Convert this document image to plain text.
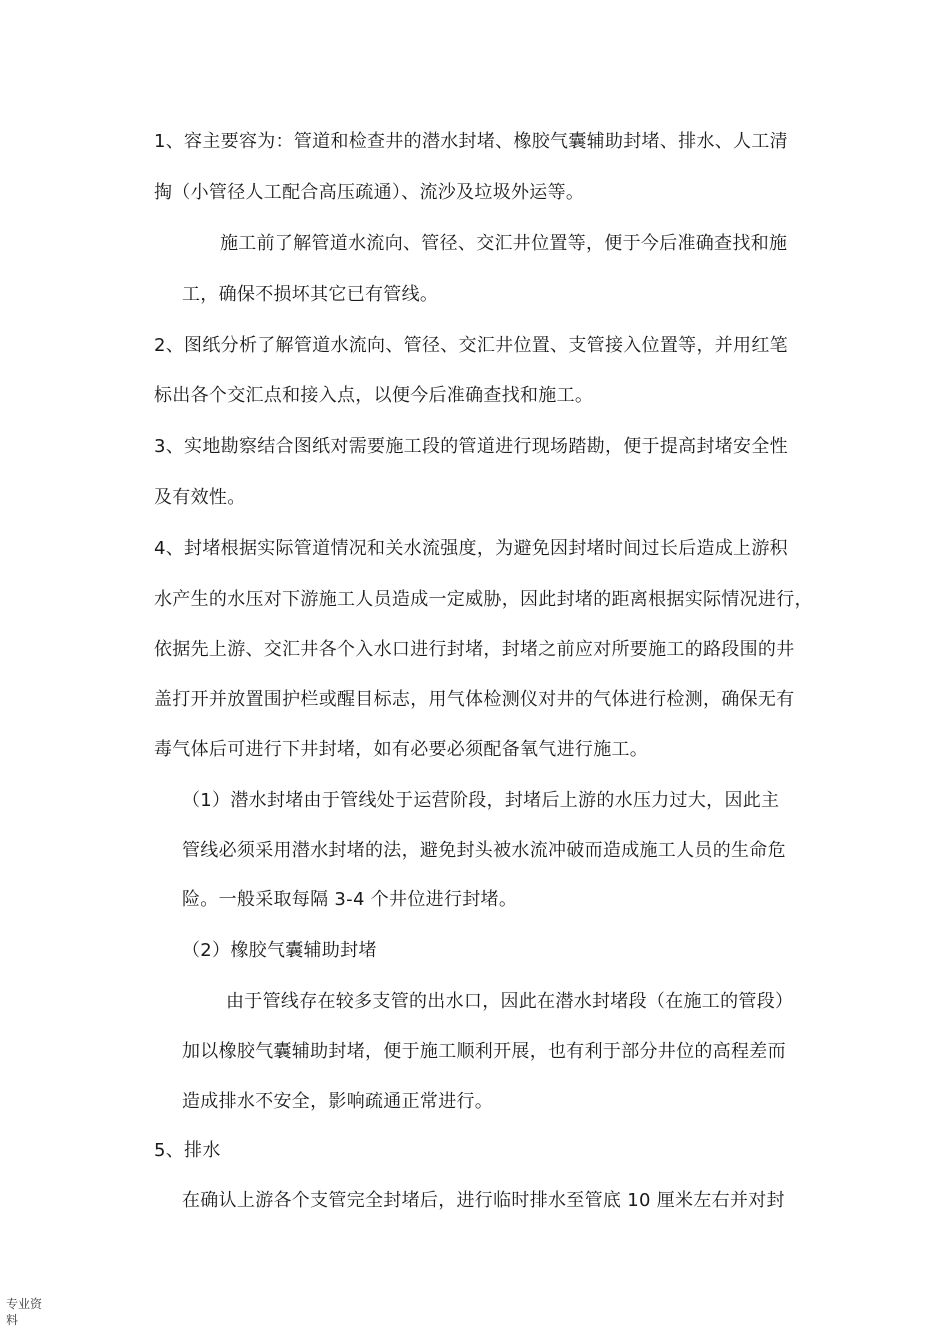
1、容主要容为：管道和检查井的潜水封堵、橡胶气囊辅助封堵、排水、人工清
掏（小管径人工配合高压疏通）、流沙及垃圾外运等。
施工前了解管道水流向、管径、交汇井位置等，便于今后准确查找和施
工，确保不损坏其它已有管线。
2、图纸分析了解管道水流向、管径、交汇井位置、支管接入位置等，并用红笔
标出各个交汇点和接入点，以便今后准确查找和施工。
3、实地勘察结合图纸对需要施工段的管道进行现场踏勘，便于提高封堵安全性
及有效性。
4、封堵根据实际管道情况和关水流强度，为避免因封堵时间过长后造成上游积
水产生的水压对下游施工人员造成一定威胁，因此封堵的距离根据实际情况进行，
依据先上游、交汇井各个入水口进行封堵，封堵之前应对所要施工的路段围的井
盖打开并放置围护栏或醒目标志，用气体检测仪对井的气体进行检测，确保无有
毒气体后可进行下井封堵，如有必要必须配备氧气进行施工。
（1）潜水封堵由于管线处于运营阶段，封堵后上游的水压力过大，因此主
管线必须采用潜水封堵的法，避免封头被水流冲破而造成施工人员的生命危
险。一般采取每隔 3-4 个井位进行封堵。
（2）橡胶气囊辅助封堵
由于管线存在较多支管的出水口，因此在潜水封堵段（在施工的管段）
加以橡胶气囊辅助封堵，便于施工顺利开展，也有利于部分井位的高程差而
造成排水不安全，影响疏通正常进行。
5、排水
在确认上游各个支管完全封堵后，进行临时排水至管底 10 厘米左右并对封
专业资料
